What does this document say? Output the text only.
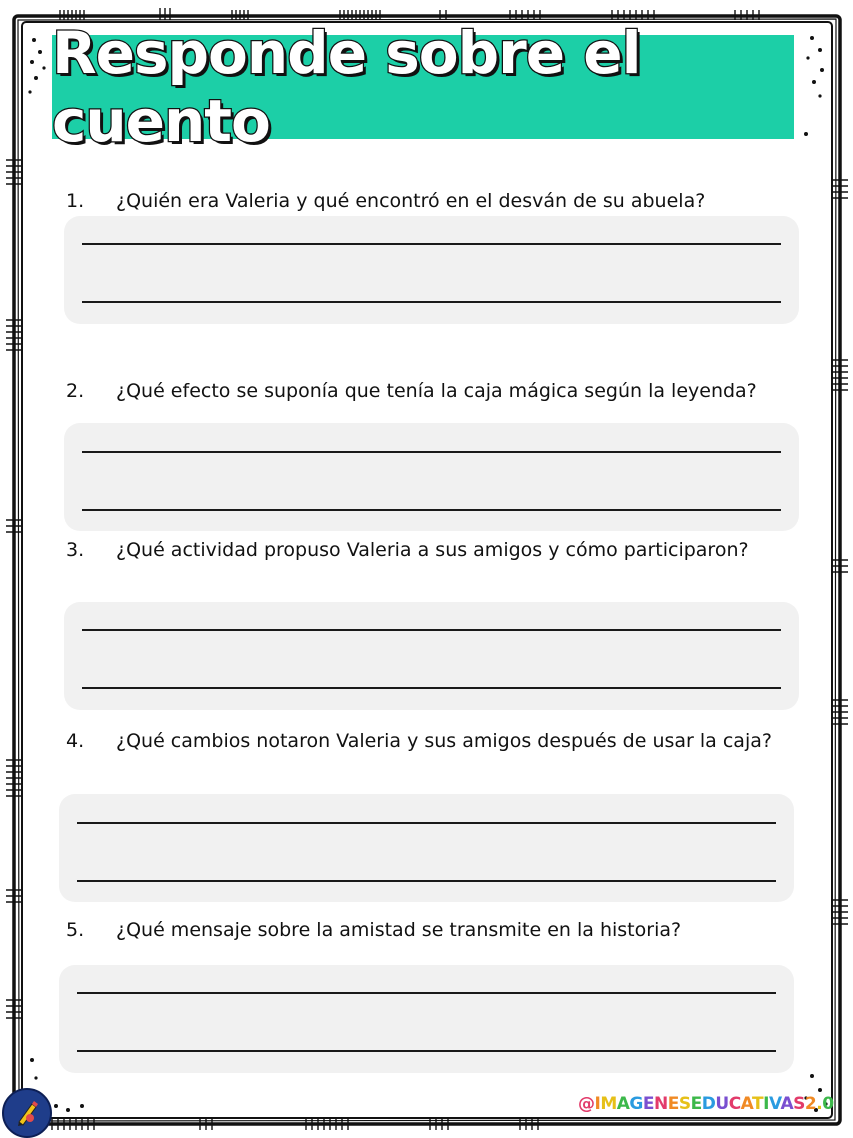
Responde sobre el cuento
1.	¿Quién era Valeria y qué encontró en el desván de su abuela?
2.	¿Qué efecto se suponía que tenía la caja mágica según la leyenda?
3.	¿Qué actividad propuso Valeria a sus amigos y cómo participaron?
4.	¿Qué cambios notaron Valeria y sus amigos después de usar la caja?
5.	¿Qué mensaje sobre la amistad se transmite en la historia?
@IMAGENESEDUCATIVAS2.0
